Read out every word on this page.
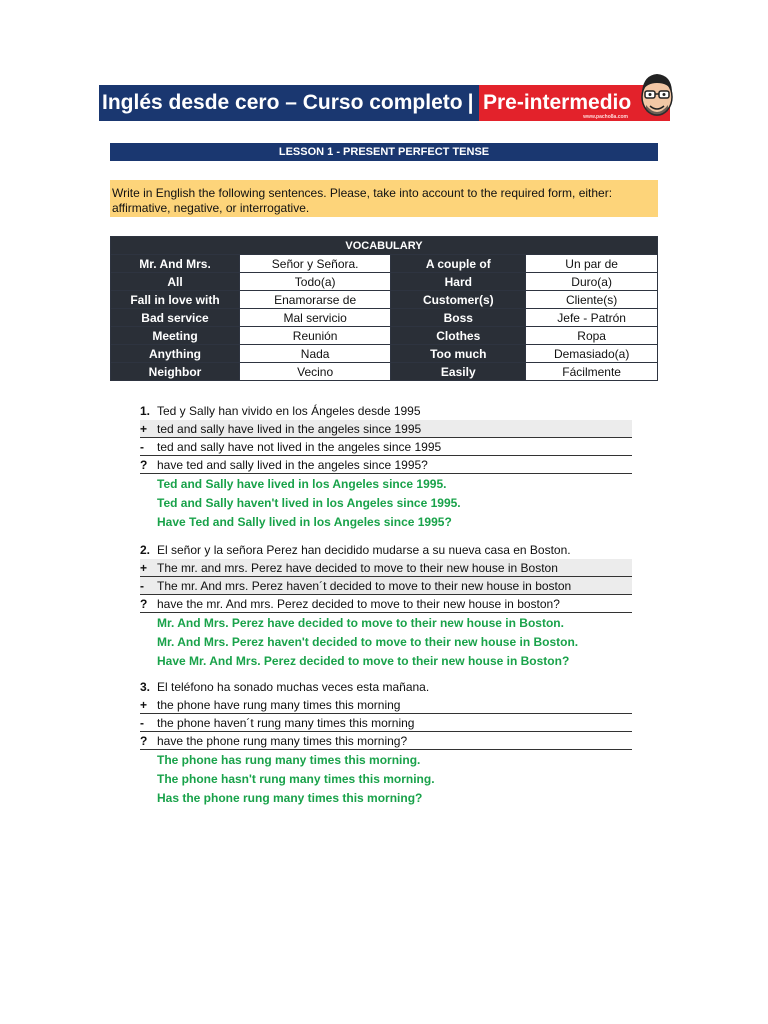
Inglés desde cero – Curso completo | Pre-intermedio
www.pacho8a.com
LESSON 1 - PRESENT PERFECT TENSE
Write in English the following sentences. Please, take into account to the required form, either: affirmative, negative, or interrogative.
VOCABULARY			
Mr. And Mrs.	Señor y Señora.	A couple of	Un par de
All	Todo(a)	Hard	Duro(a)
Fall in love with	Enamorarse de	Customer(s)	Cliente(s)
Bad service	Mal servicio	Boss	Jefe - Patrón
Meeting	Reunión	Clothes	Ropa
Anything	Nada	Too much	Demasiado(a)
Neighbor	Vecino	Easily	Fácilmente
1. Ted y Sally han vivido en los Ángeles desde 1995
+ ted and sally have lived in the angeles since 1995
-	ted and sally have not lived in the angeles since 1995
? have ted and sally lived in the angeles since 1995?
Ted and Sally have lived in los Angeles since 1995.
Ted and Sally haven't lived in los Angeles since 1995.
Have Ted and Sally lived in los Angeles since 1995?
2. El señor y la señora Perez han decidido mudarse a su nueva casa en Boston.
+ The mr. and mrs. Perez have decided to move to their new house in Boston
-	The mr. And mrs. Perez haven´t decided to move to their new house in boston
? have the mr. And mrs. Perez decided to move to their new house in boston?
Mr. And Mrs. Perez have decided to move to their new house in Boston.
Mr. And Mrs. Perez haven't decided to move to their new house in Boston.
Have Mr. And Mrs. Perez decided to move to their new house in Boston?
3. El teléfono ha sonado muchas veces esta mañana.
+ the phone have rung many times this morning
-	the phone haven´t rung many times this morning
? have the phone rung many times this morning?
The phone has rung many times this morning.
The phone hasn't rung many times this morning.
Has the phone rung many times this morning?
